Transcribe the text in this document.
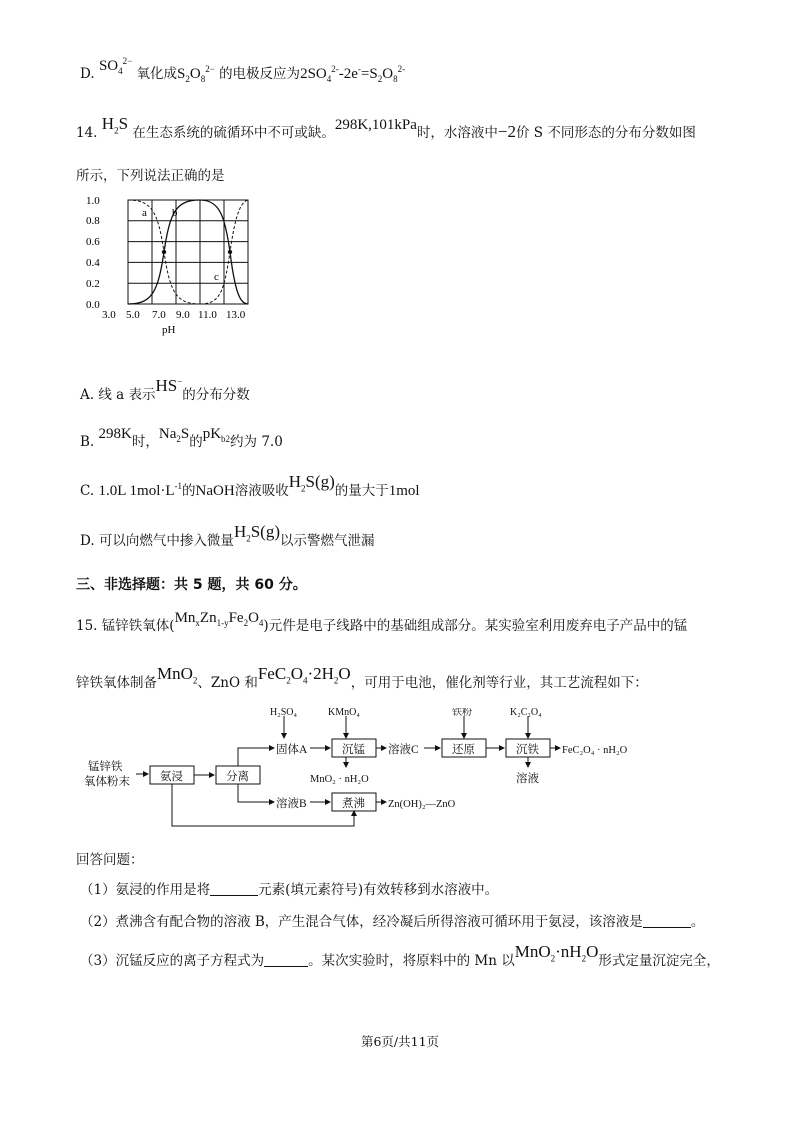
D. $SO_4^{2-}$ 氧化成$S_2O_8^{2-}$ 的电极反应为$2SO_4^{2-}-2e^-=S_2O_8^{2-}$
14. $H_2S$ 在生态系统的硫循环中不可或缺。298K,101kPa时，水溶液中−2价 S 不同形态的分布分数如图
所示，下列说法正确的是
1.0
0.8
0.6
0.4
0.2
0.0
a b
c
3.0 5.0 7.0 9.0 11.0 13.0
pH
A. 线 a 表示HS−的分布分数
B. 298K时，$Na_2S$的$pK_{b2}$约为 7.0
C. 1.0L $1mol\cdot L^{-1}$的NaOH溶液吸收$H_2S(g)$的量大于1mol
D. 可以向燃气中掺入微量$H_2S(g)$以示警燃气泄漏
三、非选择题：共 5 题，共 60 分。
15. 锰锌铁氧体$(Mn_xZn_{1-y}Fe_2O_4)$元件是电子线路中的基础组成部分。某实验室利用废弃电子产品中的锰
锌铁氧体制备MnO$_2$、ZnO 和$FeC_2O_4\cdot 2H_2O$，可用于电池，催化剂等行业，其工艺流程如下：
锰锌铁
氧体粉末	氨浸	分离
沉锰	还原	沉铁
煮沸
固体A	溶液C
溶液B
H₂SO₄	KMnO₄	铁粉	K₂C₂O₄
MnO₂ · nH₂O
FeC₂O₄ · nH₂O
Zn(OH)₂—ZnO
溶液
回答问题：
（1）氨浸的作用是将	元素(填元素符号)有效转移到水溶液中。
（2）煮沸含有配合物的溶液 B，产生混合气体，经冷凝后所得溶液可循环用于氨浸，该溶液是	。
（3）沉锰反应的离子方程式为	。某次实验时，将原料中的 Mn 以$MnO_2\cdot nH_2O$形式定量沉淀完全，
第6页/共11页
